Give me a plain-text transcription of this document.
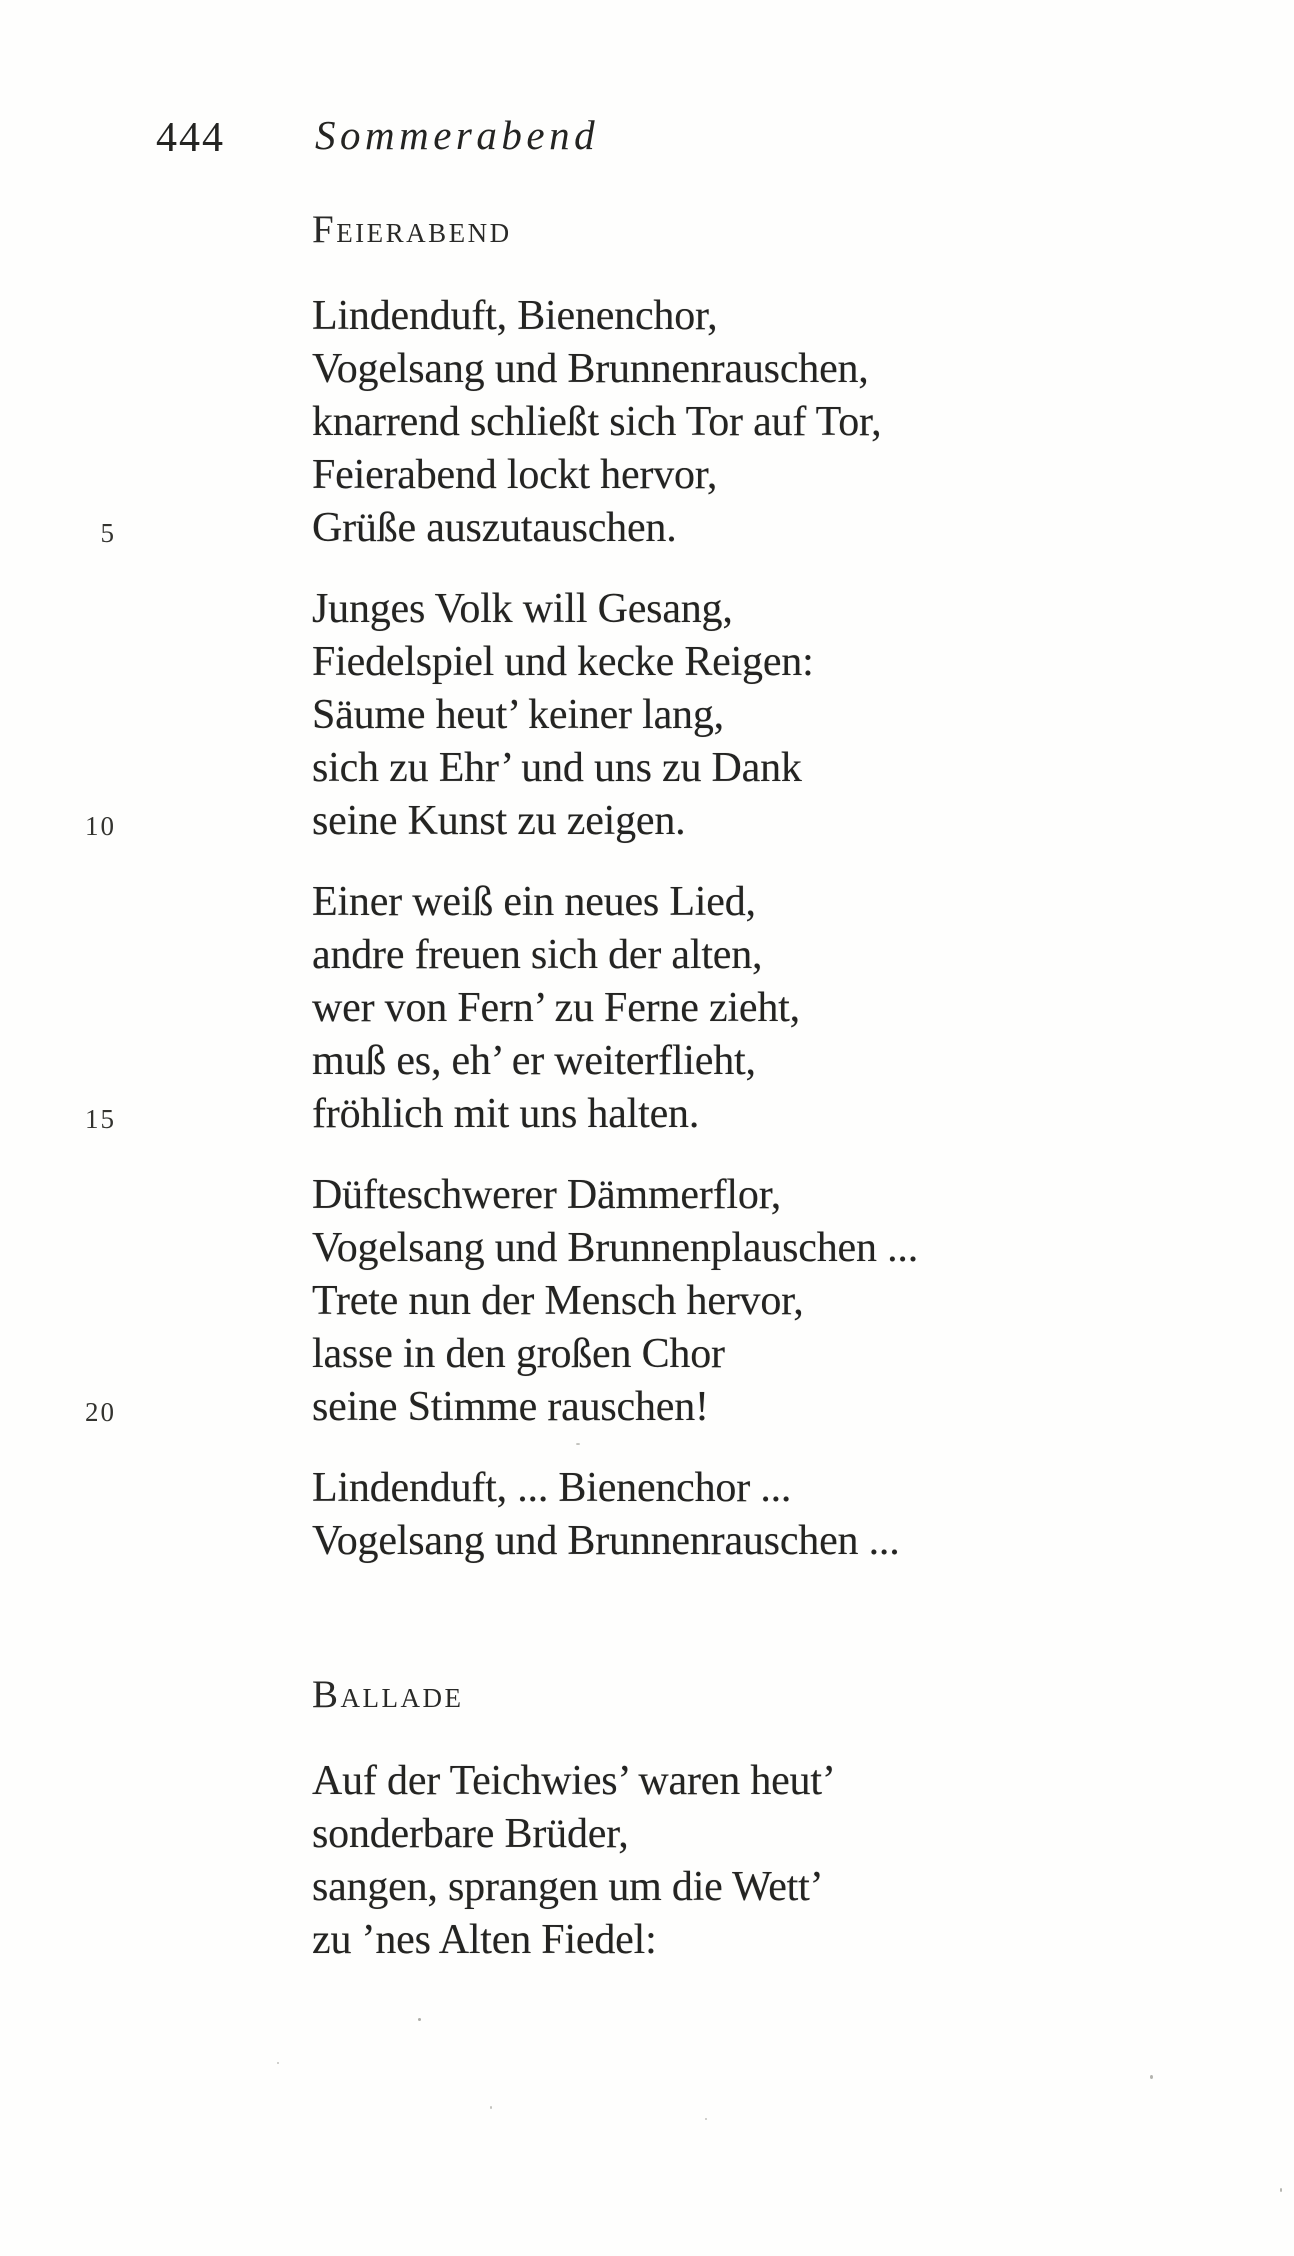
444 Sommerabend
Feierabend
Lindenduft, Bienenchor,
Vogelsang und Brunnenrauschen,
knarrend schließt sich Tor auf Tor,
Feierabend lockt hervor,
Grüße auszutauschen.
Junges Volk will Gesang,
Fiedelspiel und kecke Reigen:
Säume heut’ keiner lang,
sich zu Ehr’ und uns zu Dank
seine Kunst zu zeigen.
Einer weiß ein neues Lied,
andre freuen sich der alten,
wer von Fern’ zu Ferne zieht,
muß es, eh’ er weiterflieht,
fröhlich mit uns halten.
Düfteschwerer Dämmerflor,
Vogelsang und Brunnenplauschen ...
Trete nun der Mensch hervor,
lasse in den großen Chor
seine Stimme rauschen!
Lindenduft, ... Bienenchor ...
Vogelsang und Brunnenrauschen ...
Ballade
Auf der Teichwies’ waren heut’
sonderbare Brüder,
sangen, sprangen um die Wett’
zu ’nes Alten Fiedel:
5
10
15
20
